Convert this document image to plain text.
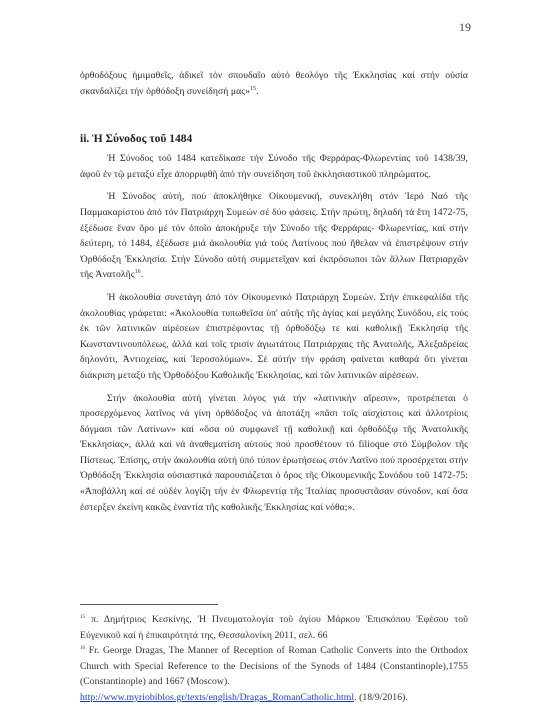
19

ὀρθοδόξους ἡμιμαθεῖς, ἀδικεῖ τόν σπουδαῖο αὐτό θεολόγο τῆς Ἐκκλησίας καί στήν οὐσία σκανδαλίζει τήν ὀρθόδοξη συνείδησή μας»$^{15}$.

ii. Ἡ Σύνοδος τοῦ 1484

Ἡ Σύνοδος τοῦ 1484 κατεδίκασε τήν Σύνοδο τῆς Φερράρας-Φλωρεντίας τοῦ 1438/39, ἀφοῦ ἐν τῷ μεταξύ εἶχε ἀπορριφθῆ ἀπό τήν συνείδηση τοῦ ἐκκλησιαστικοῦ πληρώματος.

Ἡ Σύνοδος αὐτή, πού ἀποκλήθηκε Οἰκουμενική, συνεκλήθη στόν Ἱερό Ναό τῆς Παμμακαρίστου ἀπό τόν Πατριάρχη Συμεών σέ δύο φάσεις. Στήν πρώτη, δηλαδή τά ἔτη 1472-75, ἐξέδωσε ἕναν ὅρο μέ τόν ὁποῖο ἀποκήρυξε τήν Σύνοδο τῆς Φερράρας- Φλωρεντίας, καί στήν δεύτερη, τό 1484, ἐξέδωσε μιά ἀκολουθία γιά τούς Λατίνους πού ἤθελαν νά ἐπιστρέψουν στήν Ὀρθόδοξη Ἐκκλησία. Στήν Σύνοδο αὐτή συμμετεῖχαν καί ἐκπρόσωποι τῶν ἄλλων Πατριαρχῶν τῆς Ἀνατολῆς$^{16}$.

Ἡ ἀκολουθία συνετάγη ἀπό τόν Οἰκουμενικό Πατριάρχη Συμεών. Στήν ἐπικεφαλίδα τῆς ἀκολουθίας γράφεται: «Ἀκολουθία τυπωθεῖσα ὑπ' αὐτῆς τῆς ἁγίας καί μεγάλης Συνόδου, εἰς τούς ἐκ τῶν λατινικῶν αἱρέσεων ἐπιστρέφοντας τῇ ὀρθοδόξῳ τε καί καθολικῇ Ἐκκλησίᾳ τῆς Κωνσταντινουπόλεως, ἀλλά καί τοῖς τρισίν ἁγιωτάτοις Πατριάρχαις τῆς Ἀνατολῆς, Ἀλεξαδρείας δηλονότι, Ἀντιοχείας, καί Ἱεροσολύμων». Σέ αὐτήν τήν φράση φαίνεται καθαρά ὅτι γίνεται διάκριση μεταξύ τῆς Ὀρθοδόξου Καθολικῆς Ἐκκλησίας, καί τῶν λατινικῶν αἱρέσεων.

Στήν ἀκολουθία αὐτή γίνεται λόγος γιά τήν «λατινικήν αἵρεσιν», προτρέπεται ὁ προσερχόμενος λατῖνος νά γίνη ὀρθόδοξος νά ἀποτάξη «πᾶσι τοῖς αἰσχίστοις καί ἀλλοτρίοις δόγμασι τῶν Λατίνων» καί «ὅσα οὐ συμφωνεῖ τῇ καθολικῇ καί ὀρθοδόξῳ τῆς Ἀνατολικῆς Ἐκκλησίας», ἀλλά καί νά ἀναθεματίση αὐτούς πού προσθέτουν τό filioque στό Σύμβολον τῆς Πίστεως. Ἐπίσης, στήν ἀκολουθία αὐτή ὑπό τύπον ἐρωτήσεως στόν Λατῖνο πού προσέρχεται στήν Ὀρθόδοξη Ἐκκλησία οὐσιαστικά παρουσιάζεται ὁ ὅρος τῆς Οἰκουμενικῆς Συνόδου τοῦ 1472-75: «Ἀποβάλλη καί σέ οὐδέν λογίζη τήν ἐν Φλωρεντίᾳ τῆς Ἰταλίας προσυστᾶσαν σύνοδον, καί ὅσα ἐστερξεν ἐκείνη κακῶς ἐναντία τῆς καθολικῆς Ἐκκλησίας καί νόθα;».

$^{15}$ π. Δημήτριος Κεσκίνης, Ἡ Πνευματολογία τοῦ ἁγίου Μάρκου Ἐπισκόπου Ἐφέσου τοῦ Εὐγενικοῦ καί ἡ ἐπικαιρότητά της, Θεσσαλονίκη 2011, σελ. 66

$^{16}$ Fr. George Dragas, The Manner of Reception of Roman Catholic Converts into the Orthodox Church with Special Reference to the Decisions of the Synods of 1484 (Constantinople),1755 (Constantinople) and 1667 (Moscow).
http://www.myriobiblos.gr/texts/english/Dragas_RomanCatholic.html. (18/9/2016).
